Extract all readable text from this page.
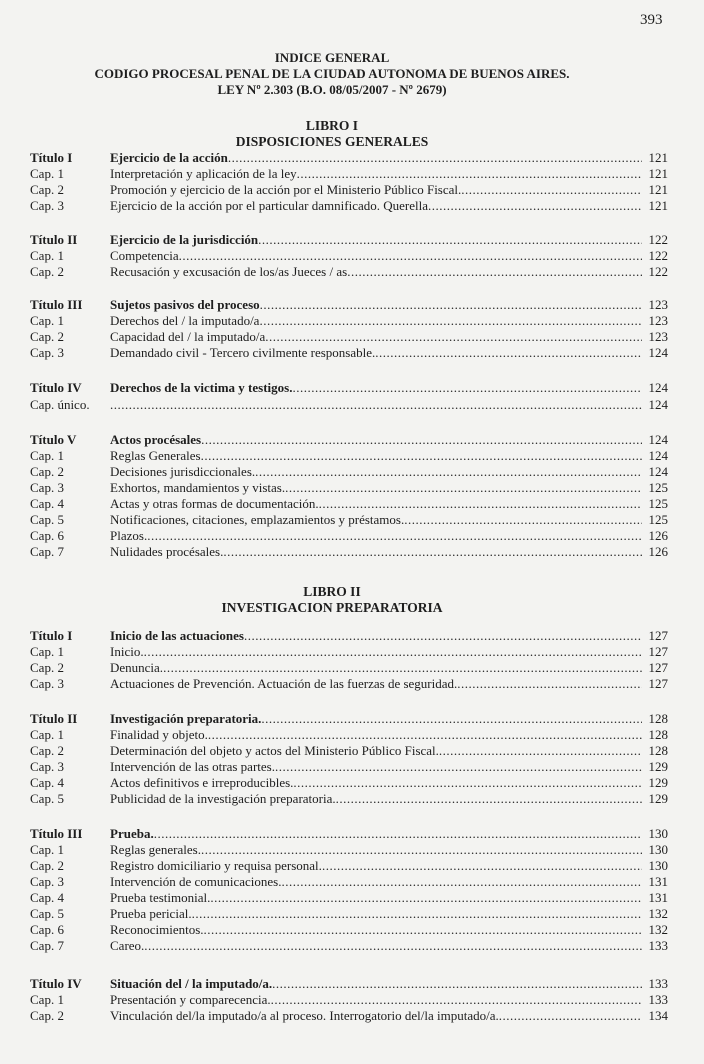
393
INDICE GENERAL
CODIGO PROCESAL PENAL DE LA CIUDAD AUTONOMA DE BUENOS AIRES.
LEY Nº 2.303 (B.O. 08/05/2007 - Nº 2679)
LIBRO I
DISPOSICIONES GENERALES
LIBRO II
INVESTIGACION PREPARATORIA
Título I	Ejercicio de la acción .....	121
Cap. 1	Interpretación y aplicación de la ley .....	121
Cap. 2	Promoción y ejercicio de la acción por el Ministerio Público Fiscal. .....	121
Cap. 3	Ejercicio de la acción por el particular damnificado. Querella .....	121
Título II	Ejercicio de la jurisdicción .....	122
Cap. 1	Competencia .....	122
Cap. 2	Recusación y excusación de los/as Jueces / as .....	122
Título III Sujetos pasivos del proceso .....	123
Cap. 1	Derechos del / la imputado/a .....	123
Cap. 2	Capacidad del / la imputado/a .....	123
Cap. 3	Demandado civil - Tercero civilmente responsable. .....	124
Título IV Derechos de la victima y testigos. .....	124
Cap. único. .....	124
Título V	Actos procésales .....	124
Cap. 1	Reglas Generales .....	124
Cap. 2	Decisiones jurisdiccionales. .....	124
Cap. 3	Exhortos, mandamientos y vistas. .....	125
Cap. 4	Actas y otras formas de documentación. .....	125
Cap. 5	Notificaciones, citaciones, emplazamientos y préstamos. .....	125
Cap. 6	Plazos. .....	126
Cap. 7	Nulidades procésales. .....	126
Título I	Inicio de las actuaciones .....	127
Cap. 1	Inicio. .....	127
Cap. 2	Denuncia. .....	127
Cap. 3	Actuaciones de Prevención. Actuación de las fuerzas de seguridad. .....	127
Título II	Investigación preparatoria. .....	128
Cap. 1	Finalidad y objeto. .....	128
Cap. 2	Determinación del objeto y actos del Ministerio Público Fiscal. .....	128
Cap. 3	Intervención de las otras partes. .....	129
Cap. 4	Actos definitivos e irreproducibles. .....	129
Cap. 5	Publicidad de la investigación preparatoria. .....	129
Título III Prueba. .....	130
Cap. 1	Reglas generales. .....	130
Cap. 2	Registro domiciliario y requisa personal. .....	130
Cap. 3	Intervención de comunicaciones. .....	131
Cap. 4	Prueba testimonial. .....	131
Cap. 5	Prueba pericial. .....	132
Cap. 6	Reconocimientos. .....	132
Cap. 7	Careo. .....	133
Título IV Situación del / la imputado/a. .....	133
Cap. 1	Presentación y comparecencia. .....	133
Cap. 2	Vinculación del/la imputado/a al proceso. Interrogatorio del/la imputado/a. .....	134
